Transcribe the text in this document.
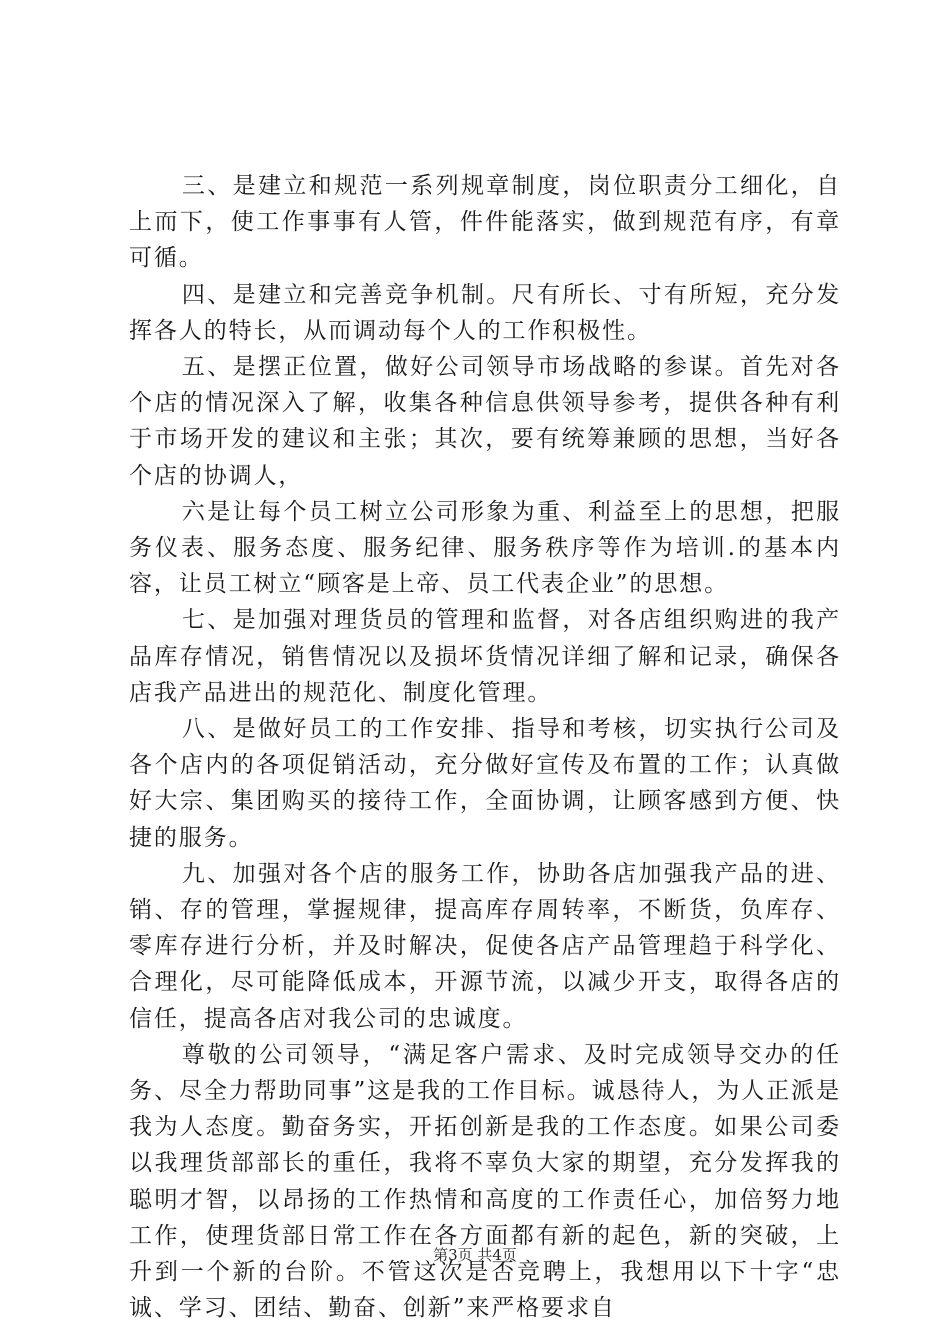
三、是建立和规范一系列规章制度，岗位职责分工细化，自上而下，使工作事事有人管，件件能落实，做到规范有序，有章可循。

四、是建立和完善竞争机制。尺有所长、寸有所短，充分发挥各人的特长，从而调动每个人的工作积极性。

五、是摆正位置，做好公司领导市场战略的参谋。首先对各个店的情况深入了解，收集各种信息供领导参考，提供各种有利于市场开发的建议和主张；其次，要有统筹兼顾的思想，当好各个店的协调人，

六是让每个员工树立公司形象为重、利益至上的思想，把服务仪表、服务态度、服务纪律、服务秩序等作为培训.的基本内容，让员工树立“顾客是上帝、员工代表企业”的思想。

七、是加强对理货员的管理和监督，对各店组织购进的我产品库存情况，销售情况以及损坏货情况详细了解和记录，确保各店我产品进出的规范化、制度化管理。

八、是做好员工的工作安排、指导和考核，切实执行公司及各个店内的各项促销活动，充分做好宣传及布置的工作；认真做好大宗、集团购买的接待工作，全面协调，让顾客感到方便、快捷的服务。

九、加强对各个店的服务工作，协助各店加强我产品的进、销、存的管理，掌握规律，提高库存周转率，不断货，负库存、零库存进行分析，并及时解决，促使各店产品管理趋于科学化、合理化，尽可能降低成本，开源节流，以减少开支，取得各店的信任，提高各店对我公司的忠诚度。

尊敬的公司领导，“满足客户需求、及时完成领导交办的任务、尽全力帮助同事”这是我的工作目标。诚恳待人，为人正派是我为人态度。勤奋务实，开拓创新是我的工作态度。如果公司委以我理货部部长的重任，我将不辜负大家的期望，充分发挥我的聪明才智，以昂扬的工作热情和高度的工作责任心，加倍努力地工作，使理货部日常工作在各方面都有新的起色，新的突破，上升到一个新的台阶。不管这次是否竞聘上，我想用以下十字“忠诚、学习、团结、勤奋、创新”来严格要求自

第3页 共4页
